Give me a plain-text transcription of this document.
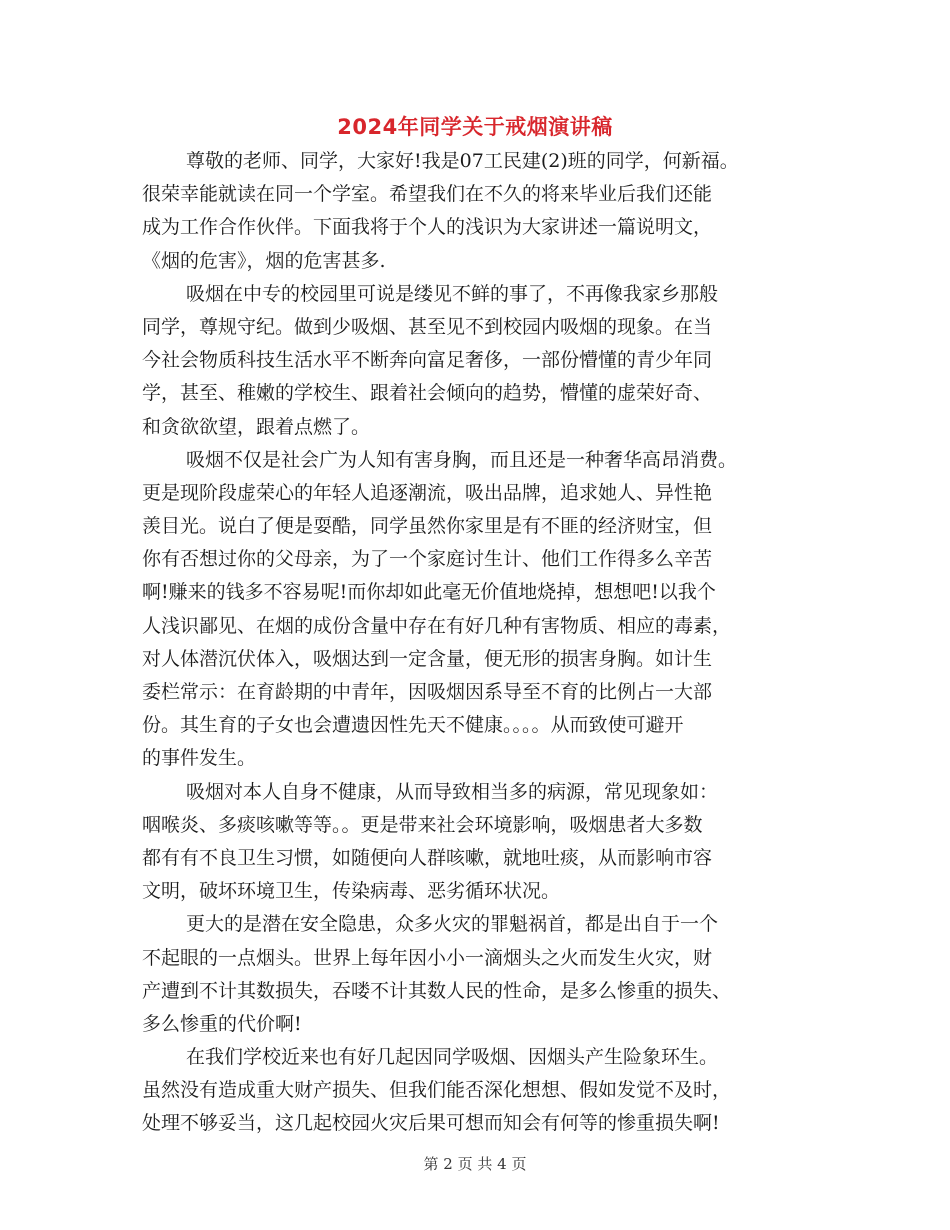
2024年同学关于戒烟演讲稿
尊敬的老师、同学，大家好!我是07工民建(2)班的同学，何新福。
很荣幸能就读在同一个学室。希望我们在不久的将来毕业后我们还能
成为工作合作伙伴。下面我将于个人的浅识为大家讲述一篇说明文，
《烟的危害》，烟的危害甚多.
吸烟在中专的校园里可说是缕见不鲜的事了，不再像我家乡那般
同学，尊规守纪。做到少吸烟、甚至见不到校园内吸烟的现象。在当
今社会物质科技生活水平不断奔向富足奢侈，一部份懵懂的青少年同
学，甚至、稚嫩的学校生、跟着社会倾向的趋势，懵懂的虚荣好奇、
和贪欲欲望，跟着点燃了。
吸烟不仅是社会广为人知有害身胸，而且还是一种奢华高昂消费。
更是现阶段虚荣心的年轻人追逐潮流，吸出品牌，追求她人、异性艳
羡目光。说白了便是耍酷，同学虽然你家里是有不匪的经济财宝，但
你有否想过你的父母亲，为了一个家庭讨生计、他们工作得多么辛苦
啊!赚来的钱多不容易呢!而你却如此毫无价值地烧掉，想想吧!以我个
人浅识鄙见、在烟的成份含量中存在有好几种有害物质、相应的毒素，
对人体潜沉伏体入，吸烟达到一定含量，便无形的损害身胸。如计生
委栏常示：在育龄期的中青年，因吸烟因系导至不育的比例占一大部
份。其生育的子女也会遭遗因性先天不健康。。。。从而致使可避开
的事件发生。
吸烟对本人自身不健康，从而导致相当多的病源，常见现象如：
咽喉炎、多痰咳嗽等等。。更是带来社会环境影响，吸烟患者大多数
都有有不良卫生习惯，如随便向人群咳嗽，就地吐痰，从而影响市容
文明，破坏环境卫生，传染病毒、恶劣循环状况。
更大的是潜在安全隐患，众多火灾的罪魁祸首，都是出自于一个
不起眼的一点烟头。世界上每年因小小一滴烟头之火而发生火灾，财
产遭到不计其数损失，吞喽不计其数人民的性命，是多么惨重的损失、
多么惨重的代价啊!
在我们学校近来也有好几起因同学吸烟、因烟头产生险象环生。
虽然没有造成重大财产损失、但我们能否深化想想、假如发觉不及时，
处理不够妥当，这几起校园火灾后果可想而知会有何等的惨重损失啊!
第 2 页 共 4 页
